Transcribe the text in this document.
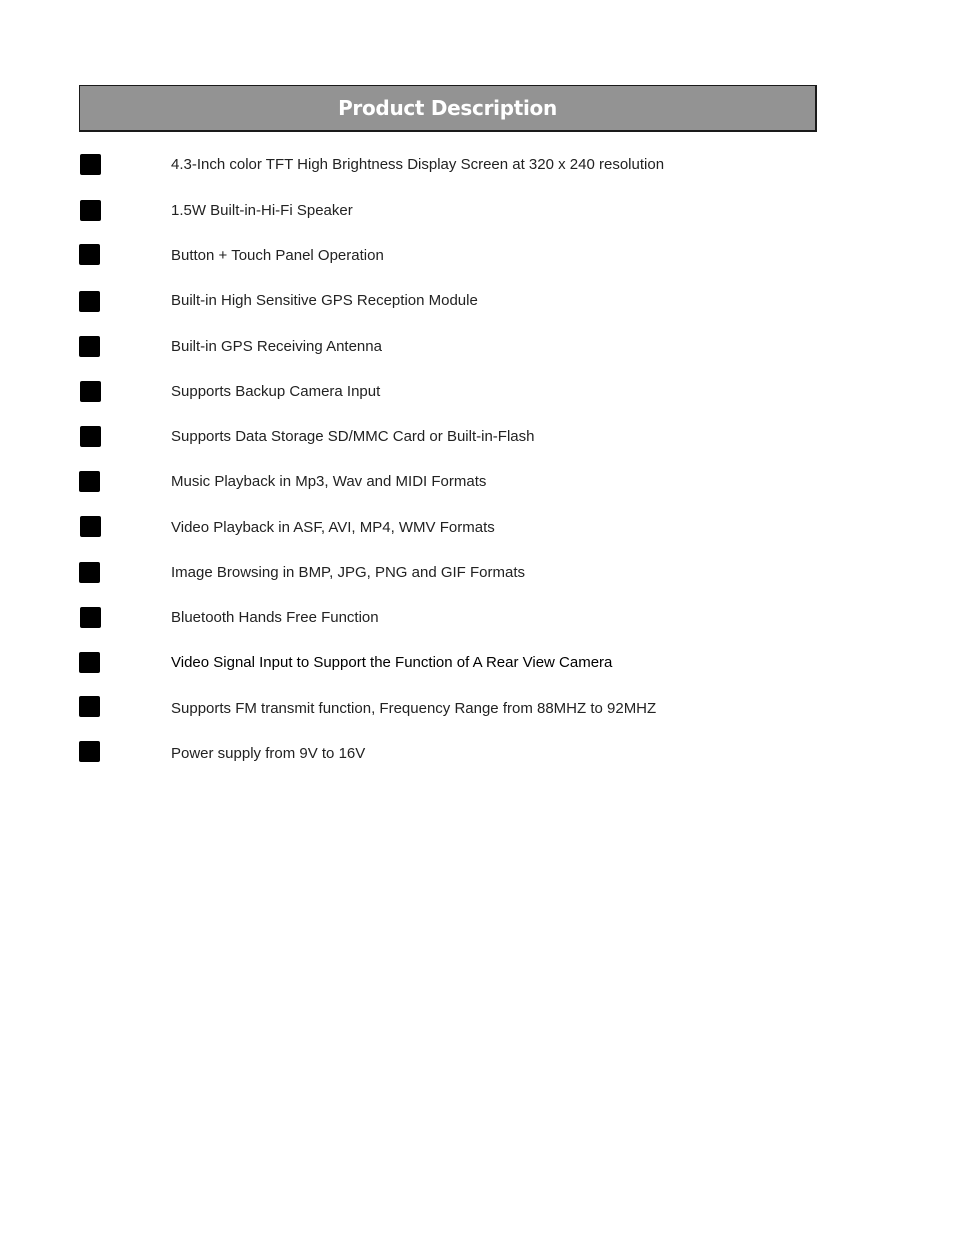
Product Description
4.3-Inch color TFT High Brightness Display Screen at 320 x 240 resolution
1.5W Built-in-Hi-Fi Speaker
Button + Touch Panel Operation
Built-in High Sensitive GPS Reception Module
Built-in GPS Receiving Antenna
Supports Backup Camera Input
Supports Data Storage SD/MMC Card or Built-in-Flash
Music Playback in Mp3, Wav and MIDI Formats
Video Playback in ASF, AVI, MP4, WMV Formats
Image Browsing in BMP, JPG, PNG and GIF Formats
Bluetooth Hands Free Function
Video Signal Input to Support the Function of A Rear View Camera
Supports FM transmit function, Frequency Range from 88MHZ to 92MHZ
Power supply from 9V to 16V
